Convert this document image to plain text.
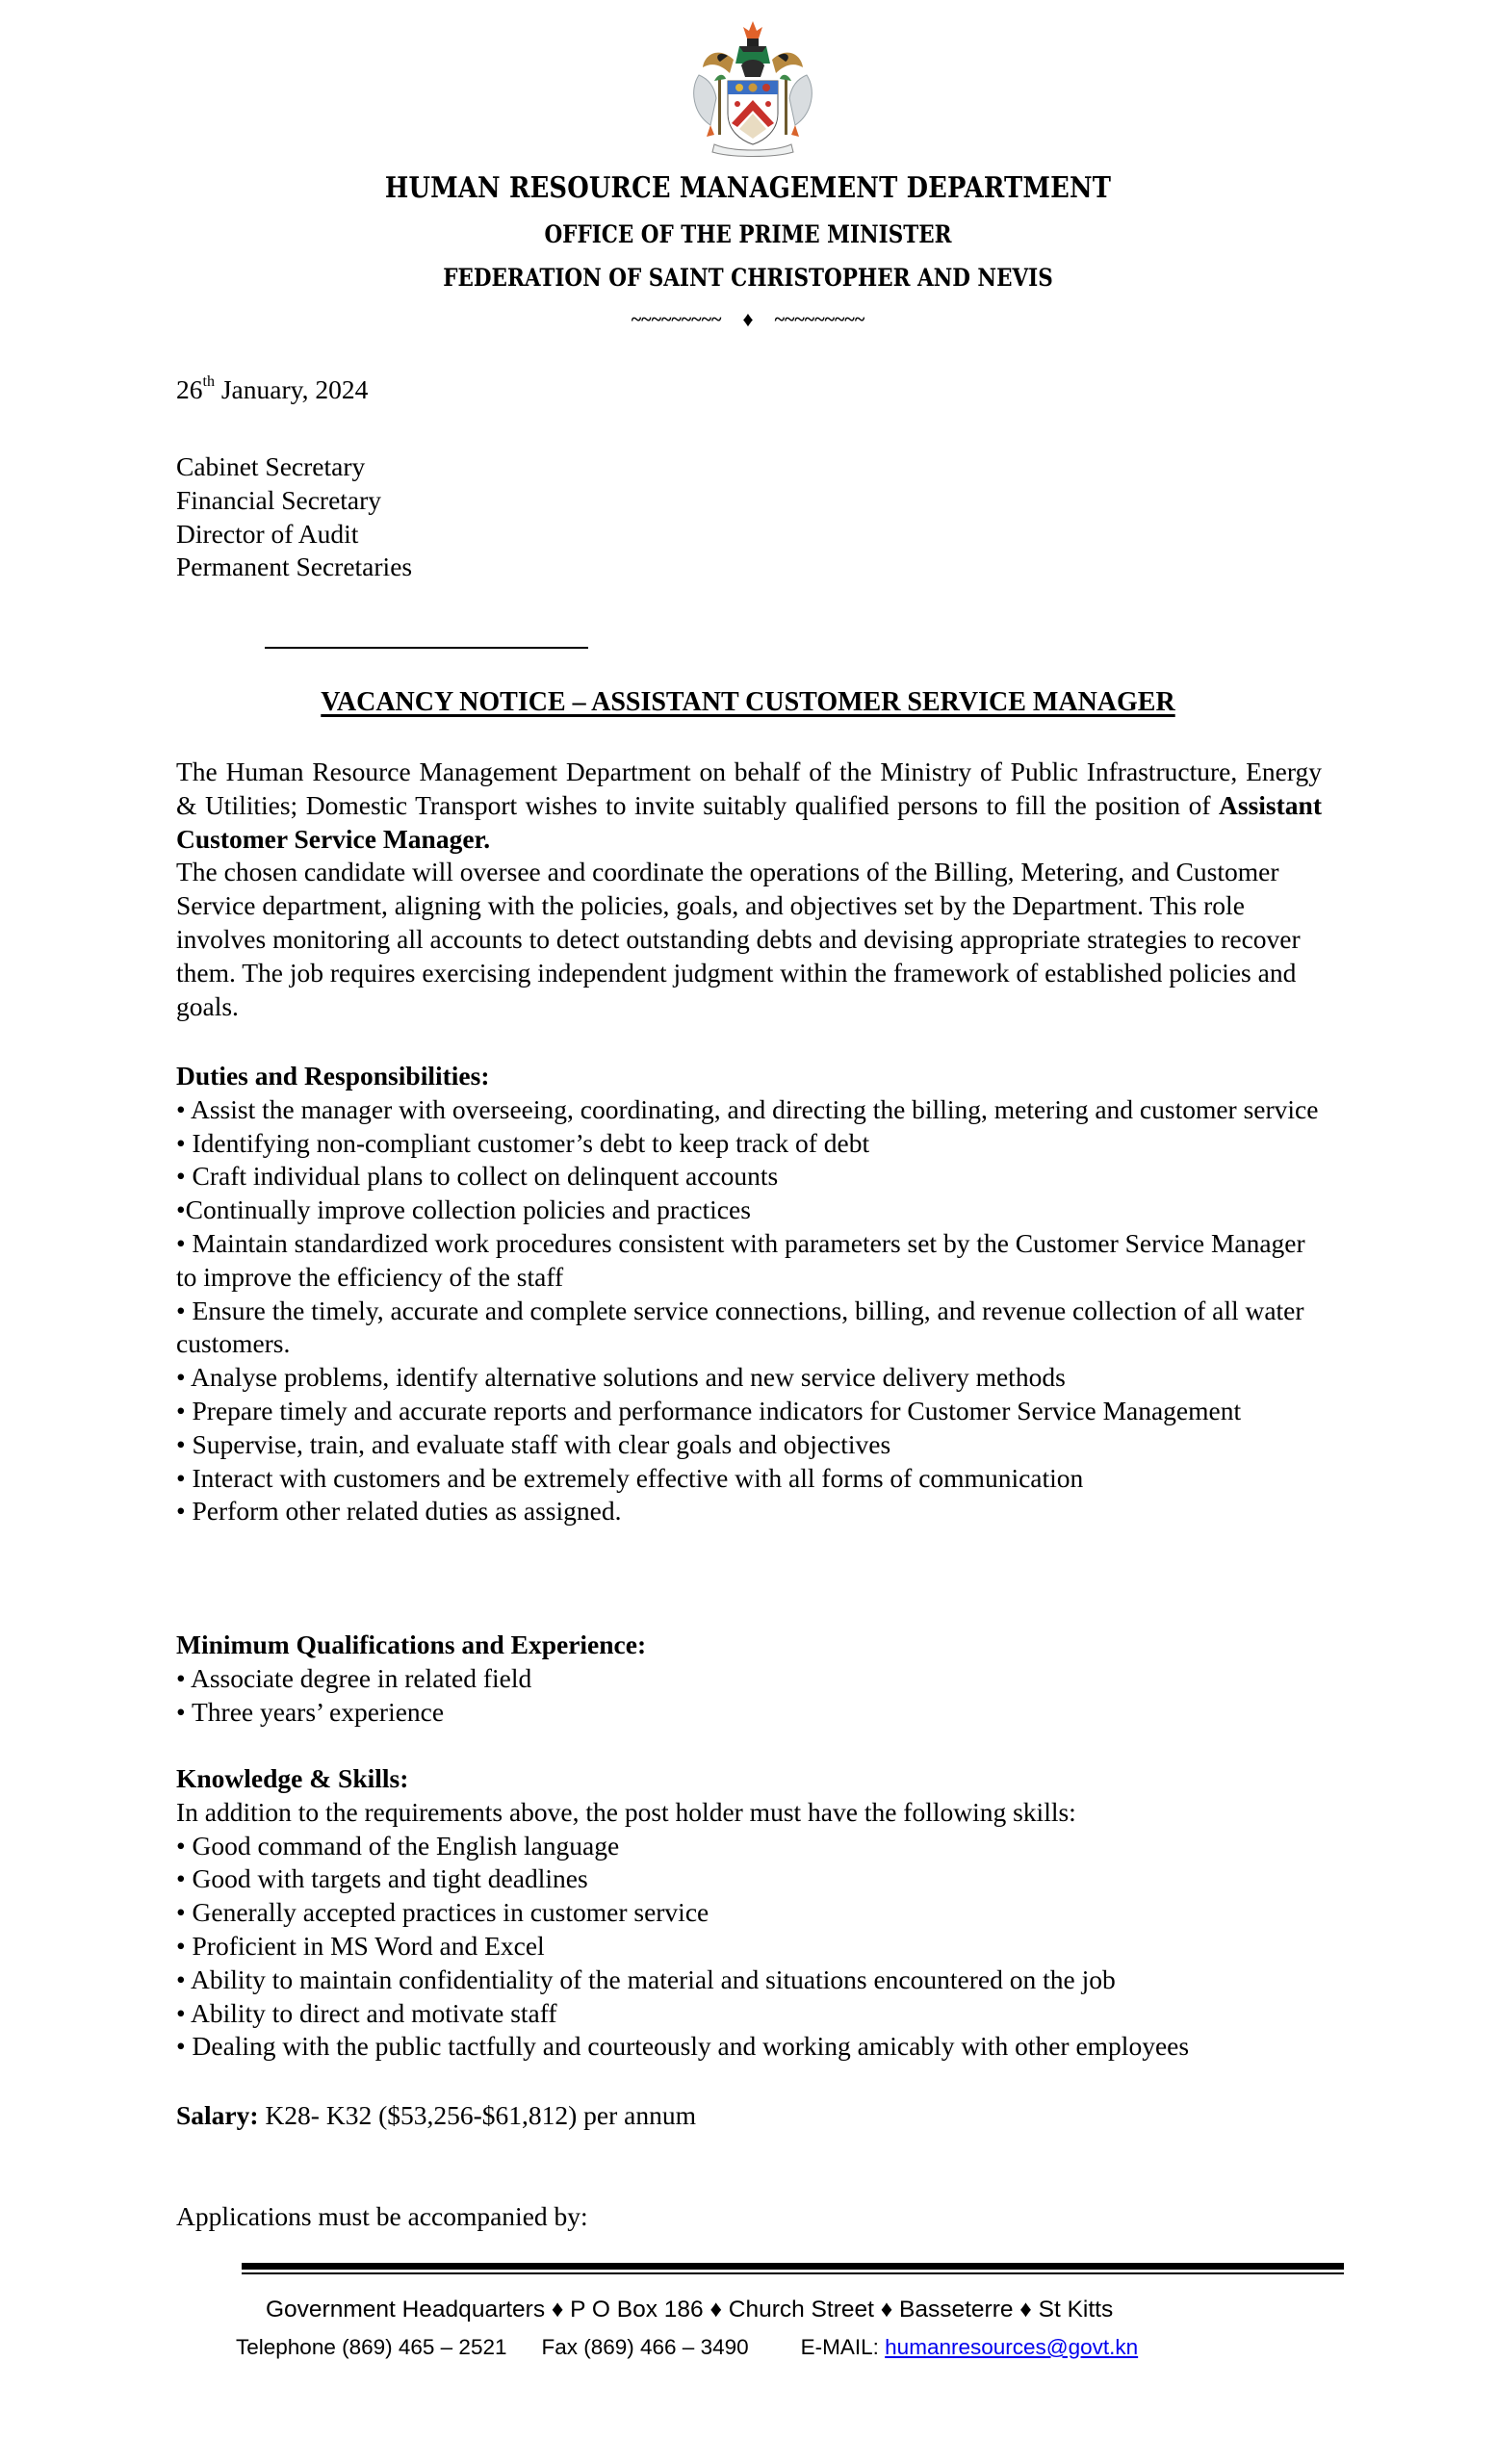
HUMAN RESOURCE MANAGEMENT DEPARTMENT
OFFICE OF THE PRIME MINISTER
FEDERATION OF SAINT CHRISTOPHER AND NEVIS
~~~~~~~~~ ♦ ~~~~~~~~~
26th January, 2024
Cabinet Secretary
Financial Secretary
Director of Audit
Permanent Secretaries
VACANCY NOTICE – ASSISTANT CUSTOMER SERVICE MANAGER

The Human Resource Management Department on behalf of the Ministry of Public Infrastructure, Energy & Utilities; Domestic Transport wishes to invite suitably qualified persons to fill the position of Assistant Customer Service Manager.

The chosen candidate will oversee and coordinate the operations of the Billing, Metering, and Customer Service department, aligning with the policies, goals, and objectives set by the Department. This role involves monitoring all accounts to detect outstanding debts and devising appropriate strategies to recover them. The job requires exercising independent judgment within the framework of established policies and goals.

Duties and Responsibilities:
• Assist the manager with overseeing, coordinating, and directing the billing, metering and customer service
• Identifying non-compliant customer’s debt to keep track of debt
• Craft individual plans to collect on delinquent accounts
•Continually improve collection policies and practices
• Maintain standardized work procedures consistent with parameters set by the Customer Service Manager to improve the efficiency of the staff
• Ensure the timely, accurate and complete service connections, billing, and revenue collection of all water customers.
• Analyse problems, identify alternative solutions and new service delivery methods
• Prepare timely and accurate reports and performance indicators for Customer Service Management
• Supervise, train, and evaluate staff with clear goals and objectives
• Interact with customers and be extremely effective with all forms of communication
• Perform other related duties as assigned.
Minimum Qualifications and Experience:
• Associate degree in related field
• Three years’ experience
Knowledge & Skills:
In addition to the requirements above, the post holder must have the following skills:
• Good command of the English language
• Good with targets and tight deadlines
• Generally accepted practices in customer service
• Proficient in MS Word and Excel
• Ability to maintain confidentiality of the material and situations encountered on the job
• Ability to direct and motivate staff
• Dealing with the public tactfully and courteously and working amicably with other employees
Salary: K28- K32 ($53,256-$61,812) per annum
Applications must be accompanied by:
Government Headquarters ♦ P O Box 186 ♦ Church Street ♦ Basseterre ♦ St Kitts
Telephone (869) 465 – 2521 Fax (869) 466 – 3490 E-MAIL: humanresources@govt.kn
